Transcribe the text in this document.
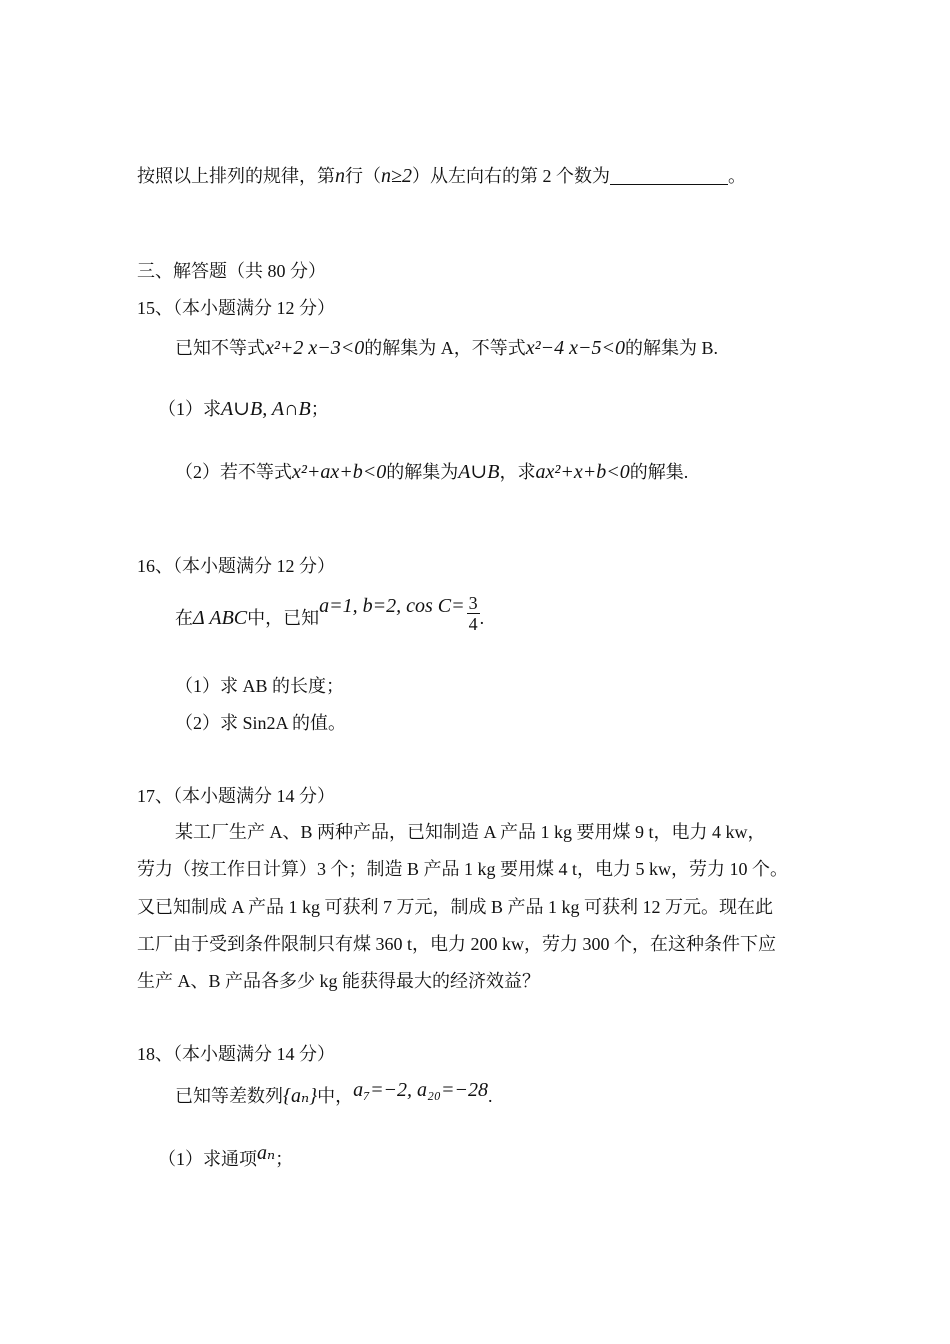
按照以上排列的规律，第n行（n≥2）从左向右的第 2 个数为	。
三、解答题（共 80 分）
15、（本小题满分 12 分）
已知不等式x²+2 x−3<0的解集为 A，不等式x²−4 x−5<0的解集为 B.
（1）求A∪B, A∩B；
（2）若不等式x²+ax+b<0的解集为A∪B，求ax²+x+b<0的解集.
16、（本小题满分 12 分）
在Δ ABC中，已知a=1, b=2, $\cos C= \frac{3}{4}$ .
（1）求 AB 的长度；
（2）求 Sin2A 的值。
17、（本小题满分 14 分）
某工厂生产 A、B 两种产品，已知制造 A 产品 1 kg 要用煤 9 t，电力 4 kw，
劳力（按工作日计算）3 个；制造 B 产品 1 kg 要用煤 4 t，电力 5 kw，劳力 10 个。
又已知制成 A 产品 1 kg 可获利 7 万元，制成 B 产品 1 kg 可获利 12 万元。现在此
工厂由于受到条件限制只有煤 360 t，电力 200 kw，劳力 300 个，在这种条件下应
生产 A、B 产品各多少 kg 能获得最大的经济效益？
18、（本小题满分 14 分）
已知等差数列{aₙ}中，a₇=−2, a₂₀=−28.
（1）求通项aₙ；
